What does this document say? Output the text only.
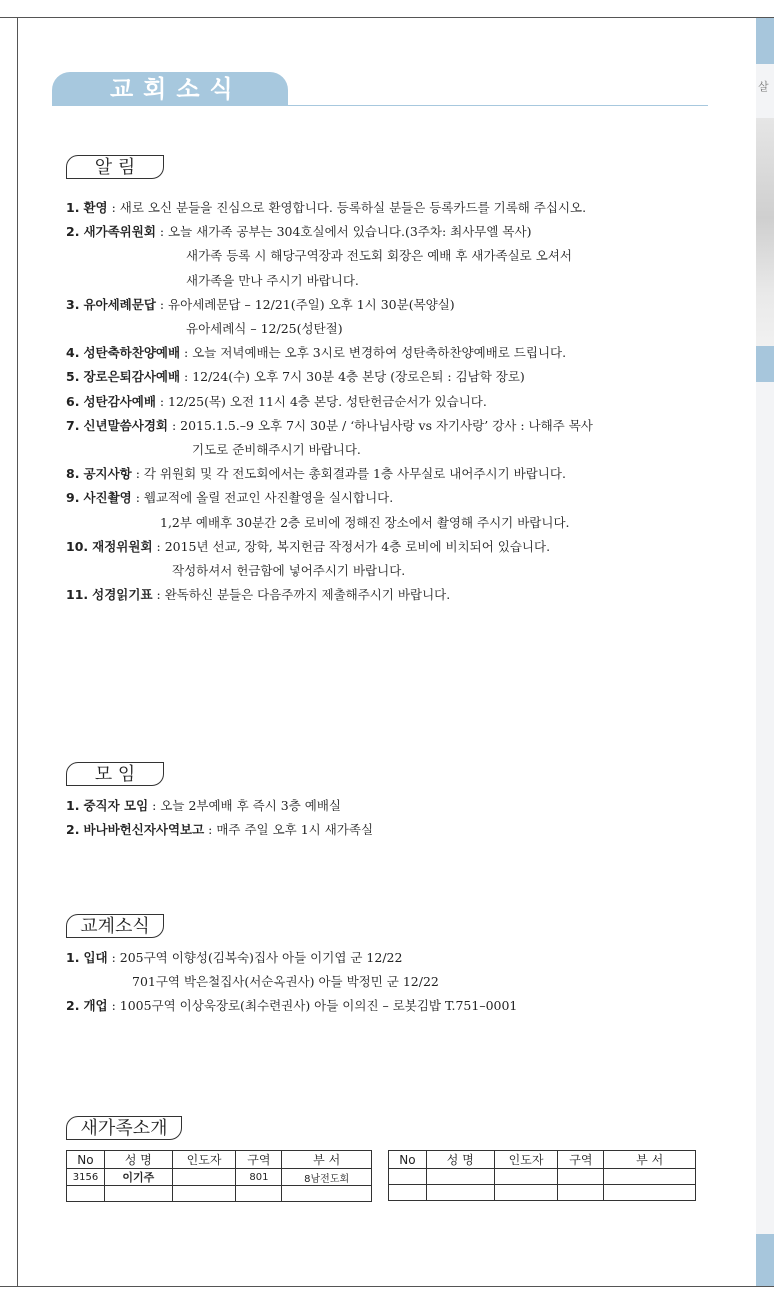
살
교회소식
알 림
1. 환영 : 새로 오신 분들을 진심으로 환영합니다. 등록하실 분들은 등록카드를 기록해 주십시오.
2. 새가족위원회 : 오늘 새가족 공부는 304호실에서 있습니다.(3주차: 최사무엘 목사)
새가족 등록 시 해당구역장과 전도회 회장은 예배 후 새가족실로 오셔서
새가족을 만나 주시기 바랍니다.
3. 유아세례문답 : 유아세례문답 – 12/21(주일) 오후 1시 30분(목양실)
유아세례식 – 12/25(성탄절)
4. 성탄축하찬양예배 : 오늘 저녁예배는 오후 3시로 변경하여 성탄축하찬양예배로 드립니다.
5. 장로은퇴감사예배 : 12/24(수) 오후 7시 30분 4층 본당 (장로은퇴 : 김남학 장로)
6. 성탄감사예배 : 12/25(목) 오전 11시 4층 본당. 성탄헌금순서가 있습니다.
7. 신년말씀사경회 : 2015.1.5.–9 오후 7시 30분 / ‘하나님사랑 vs 자기사랑’ 강사 : 나해주 목사
기도로 준비해주시기 바랍니다.
8. 공지사항 : 각 위원회 및 각 전도회에서는 총회결과를 1층 사무실로 내어주시기 바랍니다.
9. 사진촬영 : 웹교적에 올릴 전교인 사진촬영을 실시합니다.
1,2부 예배후 30분간 2층 로비에 정해진 장소에서 촬영해 주시기 바랍니다.
10. 재정위원회 : 2015년 선교, 장학, 복지헌금 작정서가 4층 로비에 비치되어 있습니다.
작성하셔서 헌금함에 넣어주시기 바랍니다.
11. 성경읽기표 : 완독하신 분들은 다음주까지 제출해주시기 바랍니다.
모 임
1. 중직자 모임 : 오늘 2부예배 후 즉시 3층 예배실
2. 바나바헌신자사역보고 : 매주 주일 오후 1시 새가족실
교계소식
1. 입대 : 205구역 이향성(김복숙)집사 아들 이기엽 군 12/22
701구역 박은철집사(서순옥권사) 아들 박정민 군 12/22
2. 개업 : 1005구역 이상욱장로(최수련권사) 아들 이의진 – 로봇김밥 T.751–0001
새가족소개
No	성 명	인도자	구역	부 서
3156	이기주		801	8남전도회

No	성 명	인도자	구역	부 서
